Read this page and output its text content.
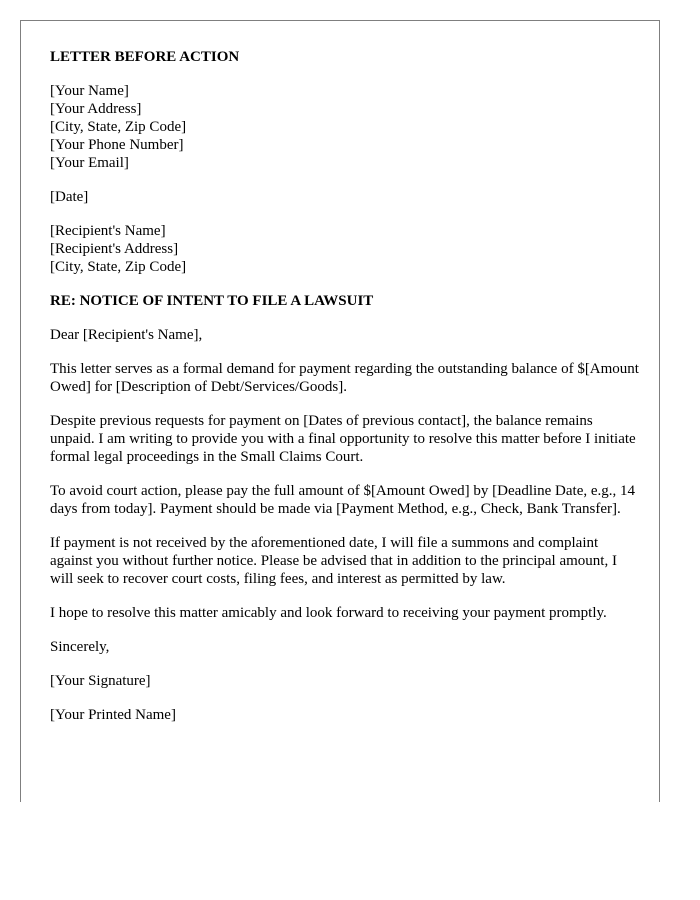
LETTER BEFORE ACTION
[Your Name]
[Your Address]
[City, State, Zip Code]
[Your Phone Number]
[Your Email]
[Date]
[Recipient's Name]
[Recipient's Address]
[City, State, Zip Code]
RE: NOTICE OF INTENT TO FILE A LAWSUIT

Dear [Recipient's Name],

This letter serves as a formal demand for payment regarding the outstanding balance of $[Amount Owed] for [Description of Debt/Services/Goods].

Despite previous requests for payment on [Dates of previous contact], the balance remains unpaid. I am writing to provide you with a final opportunity to resolve this matter before I initiate formal legal proceedings in the Small Claims Court.

To avoid court action, please pay the full amount of $[Amount Owed] by [Deadline Date, e.g., 14 days from today]. Payment should be made via [Payment Method, e.g., Check, Bank Transfer].

If payment is not received by the aforementioned date, I will file a summons and complaint against you without further notice. Please be advised that in addition to the principal amount, I will seek to recover court costs, filing fees, and interest as permitted by law.

I hope to resolve this matter amicably and look forward to receiving your payment promptly.

Sincerely,

[Your Signature]

[Your Printed Name]
